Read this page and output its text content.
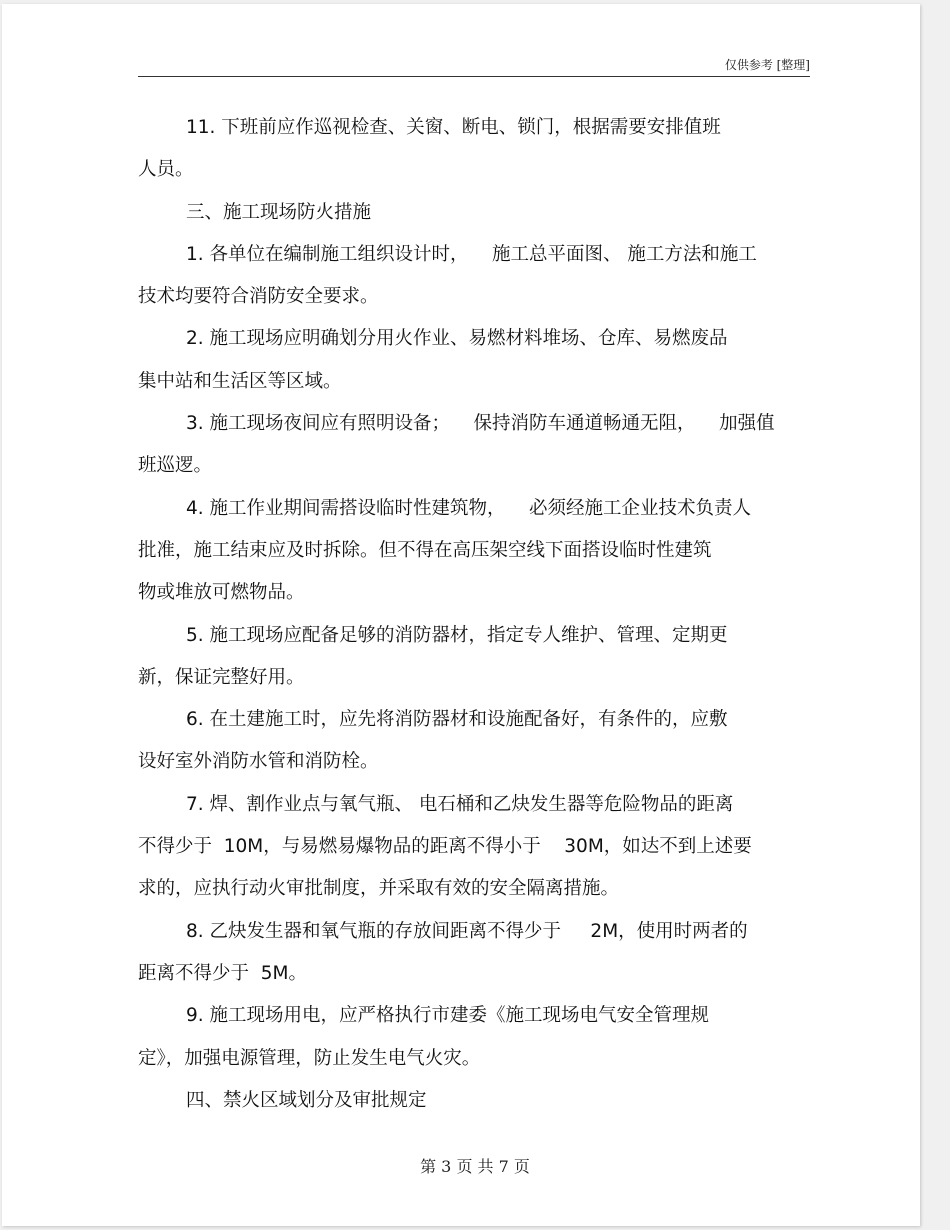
仅供参考 [整理]
11. 下班前应作巡视检查、关窗、断电、锁门，根据需要安排值班
人员。
三、施工现场防火措施
1. 各单位在编制施工组织设计时，    施工总平面图、 施工方法和施工
技术均要符合消防安全要求。
2. 施工现场应明确划分用火作业、易燃材料堆场、仓库、易燃废品
集中站和生活区等区域。
3. 施工现场夜间应有照明设备；    保持消防车通道畅通无阻，    加强值
班巡逻。
4. 施工作业期间需搭设临时性建筑物，    必须经施工企业技术负责人
批准，施工结束应及时拆除。但不得在高压架空线下面搭设临时性建筑
物或堆放可燃物品。
5. 施工现场应配备足够的消防器材，指定专人维护、管理、定期更
新，保证完整好用。
6. 在土建施工时，应先将消防器材和设施配备好，有条件的，应敷
设好室外消防水管和消防栓。
7. 焊、割作业点与氧气瓶、 电石桶和乙炔发生器等危险物品的距离
不得少于  10M，与易燃易爆物品的距离不得小于    30M，如达不到上述要
求的，应执行动火审批制度，并采取有效的安全隔离措施。
8. 乙炔发生器和氧气瓶的存放间距离不得少于     2M，使用时两者的
距离不得少于  5M。
9. 施工现场用电，应严格执行市建委《施工现场电气安全管理规
定》，加强电源管理，防止发生电气火灾。
四、禁火区域划分及审批规定
第 3 页 共 7 页
